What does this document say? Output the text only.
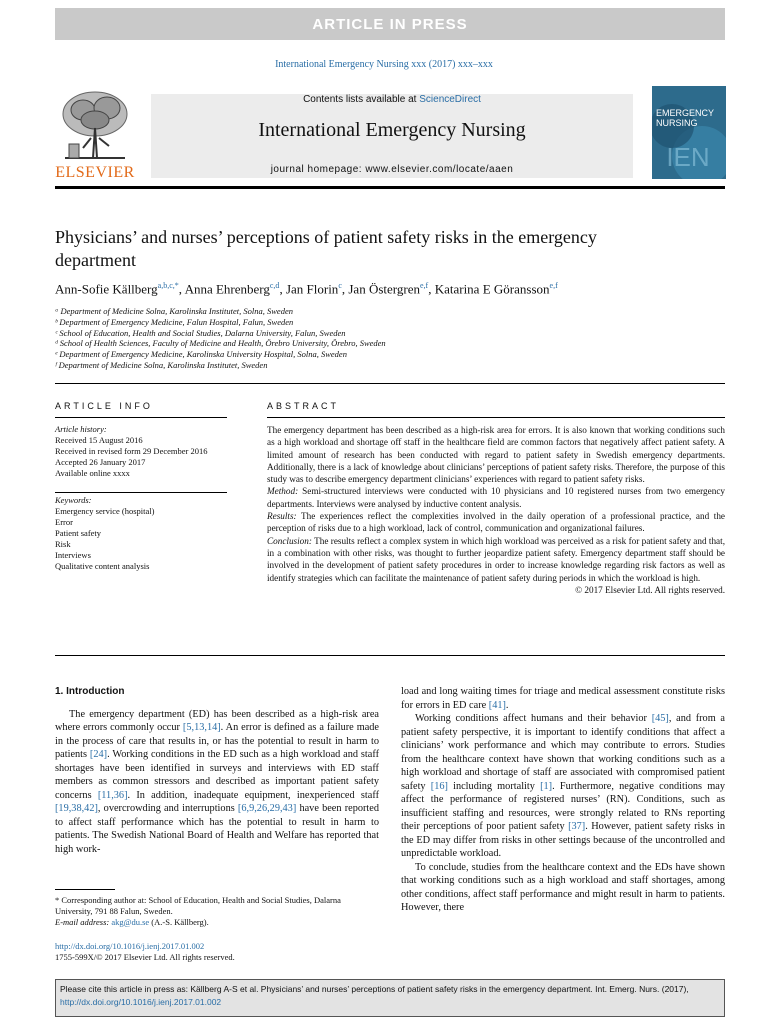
ARTICLE IN PRESS
International Emergency Nursing xxx (2017) xxx–xxx
ELSEVIER
Contents lists available at ScienceDirect
International Emergency Nursing
journal homepage: www.elsevier.com/locate/aaen	IEN
EMERGENCY
NURSING
Physicians’ and nurses’ perceptions of patient safety risks in the emergency department
Ann-Sofie Källberg$^{a,b,c,*}$, Anna Ehrenberg$^{c,d}$, Jan Florin$^c$, Jan Östergren$^{e,f}$, Katarina E Göransson$^{e,f}$
ᵃ Department of Medicine Solna, Karolinska Institutet, Solna, Sweden
ᵇ Department of Emergency Medicine, Falun Hospital, Falun, Sweden
ᶜ School of Education, Health and Social Studies, Dalarna University, Falun, Sweden
ᵈ School of Health Sciences, Faculty of Medicine and Health, Örebro University, Örebro, Sweden
ᵉ Department of Emergency Medicine, Karolinska University Hospital, Solna, Sweden
ᶠ Department of Medicine Solna, Karolinska Institutet, Sweden
ARTICLE INFO
Article history:
Received 15 August 2016
Received in revised form 29 December 2016
Accepted 26 January 2017
Available online xxxx
Keywords:
Emergency service (hospital)
Error
Patient safety
Risk
Interviews
Qualitative content analysis
ABSTRACT
The emergency department has been described as a high-risk area for errors. It is also known that working conditions such as a high workload and shortage off staff in the healthcare field are common factors that negatively affect patient safety. A limited amount of research has been conducted with regard to patient safety in Swedish emergency departments. Additionally, there is a lack of knowledge about clinicians’ perceptions of patient safety risks. Therefore, the purpose of this study was to describe emergency department clinicians’ experiences with regard to patient safety risks.
Method: Semi-structured interviews were conducted with 10 physicians and 10 registered nurses from two emergency departments. Interviews were analysed by inductive content analysis.
Results: The experiences reflect the complexities involved in the daily operation of a professional practice, and the perception of risks due to a high workload, lack of control, communication and organizational failures.
Conclusion: The results reflect a complex system in which high workload was perceived as a risk for patient safety and that, in a combination with other risks, was thought to further jeopardize patient safety. Emergency department staff should be involved in the development of patient safety procedures in order to increase knowledge regarding risk factors as well as identify strategies which can facilitate the maintenance of patient safety during periods in which the workload is high.
© 2017 Elsevier Ltd. All rights reserved.

1. Introduction

The emergency department (ED) has been described as a high-risk area where errors commonly occur [5,13,14]. An error is defined as a failure made in the process of care that results in, or has the potential to result in harm to patients [24]. Working conditions in the ED such as a high workload and staff shortages have been identified in surveys and interviews with ED staff members as common stressors and described as important patient safety concerns [11,36]. In addition, inadequate equipment, inexperienced staff [19,38,42], overcrowding and interruptions [6,9,26,29,43] have been reported to affect staff performance which has the potential to result in harm to patients. The Swedish National Board of Health and Welfare has reported that high work-

load and long waiting times for triage and medical assessment constitute risks for errors in ED care [41].

Working conditions affect humans and their behavior [45], and from a patient safety perspective, it is important to identify conditions that affect a clinicians’ work performance and which may contribute to errors. Studies from the healthcare context have shown that working conditions such as a high workload and shortage of staff are associated with compromised patient safety [16] including mortality [1]. Furthermore, negative conditions may affect the performance of registered nurses’ (RN). Conditions, such as insufficient staffing and resources, were strongly related to RNs reporting their perceptions of poor patient safety [37]. However, patient safety risks in the ED may differ from risks in other settings because of the uncontrolled and unpredictable workload.

To conclude, studies from the healthcare context and the EDs have shown that working conditions such as a high workload and staff shortages, among other conditions, affect staff performance and might result in harm to patients. However, there

* Corresponding author at: School of Education, Health and Social Studies, Dalarna University, 791 88 Falun, Sweden.
E-mail address: akg@du.se (A.-S. Källberg).
http://dx.doi.org/10.1016/j.ienj.2017.01.002
1755-599X/© 2017 Elsevier Ltd. All rights reserved.
Please cite this article in press as: Källberg A-S et al. Physicians’ and nurses’ perceptions of patient safety risks in the emergency department. Int. Emerg. Nurs. (2017), http://dx.doi.org/10.1016/j.ienj.2017.01.002
